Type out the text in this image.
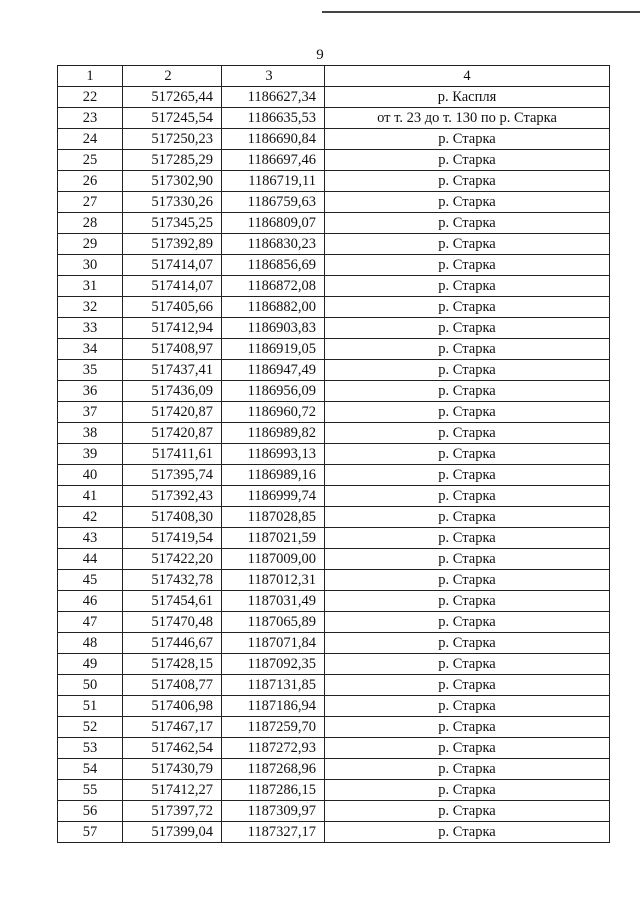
9
1	2	3	4
22	517265,44	1186627,34	р. Каспля
23	517245,54	1186635,53	от т. 23 до т. 130 по р. Старка
24	517250,23	1186690,84	р. Старка
25	517285,29	1186697,46	р. Старка
26	517302,90	1186719,11	р. Старка
27	517330,26	1186759,63	р. Старка
28	517345,25	1186809,07	р. Старка
29	517392,89	1186830,23	р. Старка
30	517414,07	1186856,69	р. Старка
31	517414,07	1186872,08	р. Старка
32	517405,66	1186882,00	р. Старка
33	517412,94	1186903,83	р. Старка
34	517408,97	1186919,05	р. Старка
35	517437,41	1186947,49	р. Старка
36	517436,09	1186956,09	р. Старка
37	517420,87	1186960,72	р. Старка
38	517420,87	1186989,82	р. Старка
39	517411,61	1186993,13	р. Старка
40	517395,74	1186989,16	р. Старка
41	517392,43	1186999,74	р. Старка
42	517408,30	1187028,85	р. Старка
43	517419,54	1187021,59	р. Старка
44	517422,20	1187009,00	р. Старка
45	517432,78	1187012,31	р. Старка
46	517454,61	1187031,49	р. Старка
47	517470,48	1187065,89	р. Старка
48	517446,67	1187071,84	р. Старка
49	517428,15	1187092,35	р. Старка
50	517408,77	1187131,85	р. Старка
51	517406,98	1187186,94	р. Старка
52	517467,17	1187259,70	р. Старка
53	517462,54	1187272,93	р. Старка
54	517430,79	1187268,96	р. Старка
55	517412,27	1187286,15	р. Старка
56	517397,72	1187309,97	р. Старка
57	517399,04	1187327,17	р. Старка
